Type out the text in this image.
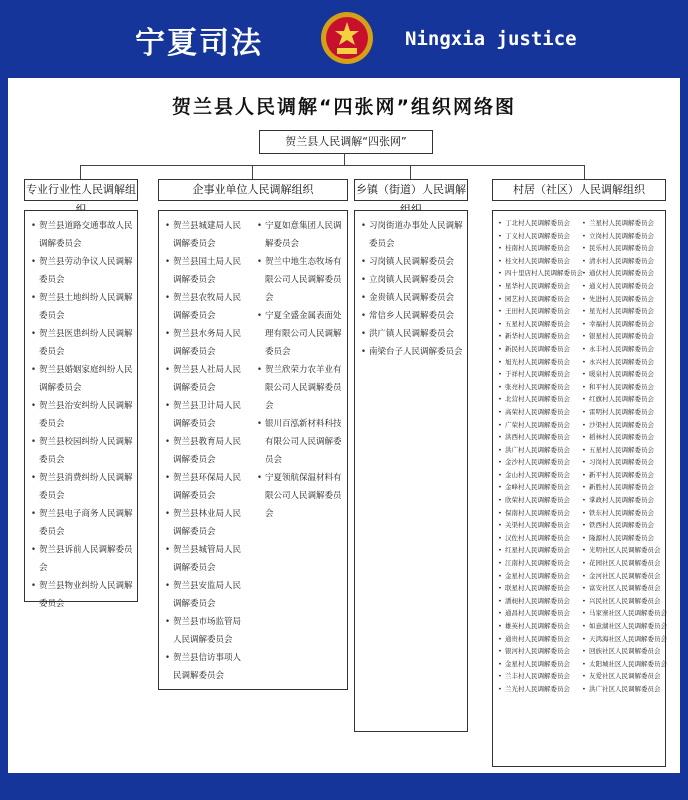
宁夏司法	Ningxia justice
贺兰县人民调解“四张网”组织网络图
贺兰县人民调解“四张网”
专业行业性人民调解组	企事业单位人民调解组织	乡镇（街道）人民调解	村居（社区）人民调解组织
• 贺兰县道路交通事故人民调解委员会
• 贺兰县劳动争议人民调解委员会
• 贺兰县土地纠纷人民调解委员会
• 贺兰县医患纠纷人民调解委员会
• 贺兰县婚姻家庭纠纷人民调解委员会
• 贺兰县治安纠纷人民调解委员会
• 贺兰县校园纠纷人民调解委员会
• 贺兰县消费纠纷人民调解委员会
• 贺兰县电子商务人民调解委员会
• 贺兰县诉前人民调解委员会
• 贺兰县物业纠纷人民调解委员会
• 贺兰县城建局人民调解委员会
• 贺兰县国土局人民调解委员会
• 贺兰县农牧局人民调解委员会
• 贺兰县水务局人民调解委员会
• 贺兰县人社局人民调解委员会
• 贺兰县卫计局人民调解委员会
• 贺兰县教育局人民调解委员会
• 贺兰县环保局人民调解委员会
• 贺兰县林业局人民调解委员会
• 贺兰县城管局人民调解委员会
• 贺兰县安监局人民调解委员会
• 贺兰县市场监管局人民调解委员会
• 贺兰县信访事项人民调解委员会
• 宁夏如意集团人民调解委员会
• 贺兰中地生态牧场有限公司人民调解委员会
• 宁夏全盛金属表面处理有限公司人民调解委员会
• 贺兰欣荣力农羊业有限公司人民调解委员会
• 银川百泓新材料科技有限公司人民调解委员会
• 宁夏领航保温材料有限公司人民调解委员会
• 习岗街道办事处人民调解委员会
• 习岗镇人民调解委员会
• 立岗镇人民调解委员会
• 金贵镇人民调解委员会
• 常信乡人民调解委员会
• 洪广镇人民调解委员会
• 南梁台子人民调解委员会
• 丁北村人民调解委员会
• 丁义村人民调解委员会
• 桂南村人民调解委员会
• 桂文村人民调解委员会
• 四十里店村人民调解委员会
• 星华村人民调解委员会
• 园艺村人民调解委员会
• 王田村人民调解委员会
• 五星村人民调解委员会
• 新华村人民调解委员会
• 新民村人民调解委员会
• 旭光村人民调解委员会
• 于祥村人民调解委员会
• 张亮村人民调解委员会
• 北营村人民调解委员会
• 高荣村人民调解委员会
• 广荣村人民调解委员会
• 洪西村人民调解委员会
• 洪广村人民调解委员会
• 金沙村人民调解委员会
• 金山村人民调解委员会
• 金峰村人民调解委员会
• 欣荣村人民调解委员会
• 保南村人民调解委员会
• 关渠村人民调解委员会
• 汉佐村人民调解委员会
• 红星村人民调解委员会
• 江南村人民调解委员会
• 金星村人民调解委员会
• 联星村人民调解委员会
• 潘昶村人民调解委员会
• 通昌村人民调解委员会
• 雄英村人民调解委员会
• 通贵村人民调解委员会
• 银河村人民调解委员会
• 金星村人民调解委员会
• 兰丰村人民调解委员会
• 兰光村人民调解委员会
• 兰星村人民调解委员会
• 立岗村人民调解委员会
• 民乐村人民调解委员会
• 清水村人民调解委员会
• 通伏村人民调解委员会
• 通义村人民调解委员会
• 先进村人民调解委员会
• 星光村人民调解委员会
• 幸福村人民调解委员会
• 银星村人民调解委员会
• 永丰村人民调解委员会
• 永兴村人民调解委员会
• 暖泉村人民调解委员会
• 和平村人民调解委员会
• 红旗村人民调解委员会
• 雷明村人民调解委员会
• 沙渠村人民调解委员会
• 稻林村人民调解委员会
• 五星村人民调解委员会
• 习岗村人民调解委员会
• 新平村人民调解委员会
• 新胜村人民调解委员会
• 掌政村人民调解委员会
• 铁东村人民调解委员会
• 铁西村人民调解委员会
• 隆源村人民调解委员会
• 光明社区人民调解委员会
• 花园社区人民调解委员会
• 金河社区人民调解委员会
• 富安社区人民调解委员会
• 兴民社区人民调解委员会
• 马家寨社区人民调解委员会
• 如意湖社区人民调解委员会
• 天鸿海社区人民调解委员会
• 回族社区人民调解委员会
• 太阳城社区人民调解委员会
• 友爱社区人民调解委员会
• 洪广社区人民调解委员会
